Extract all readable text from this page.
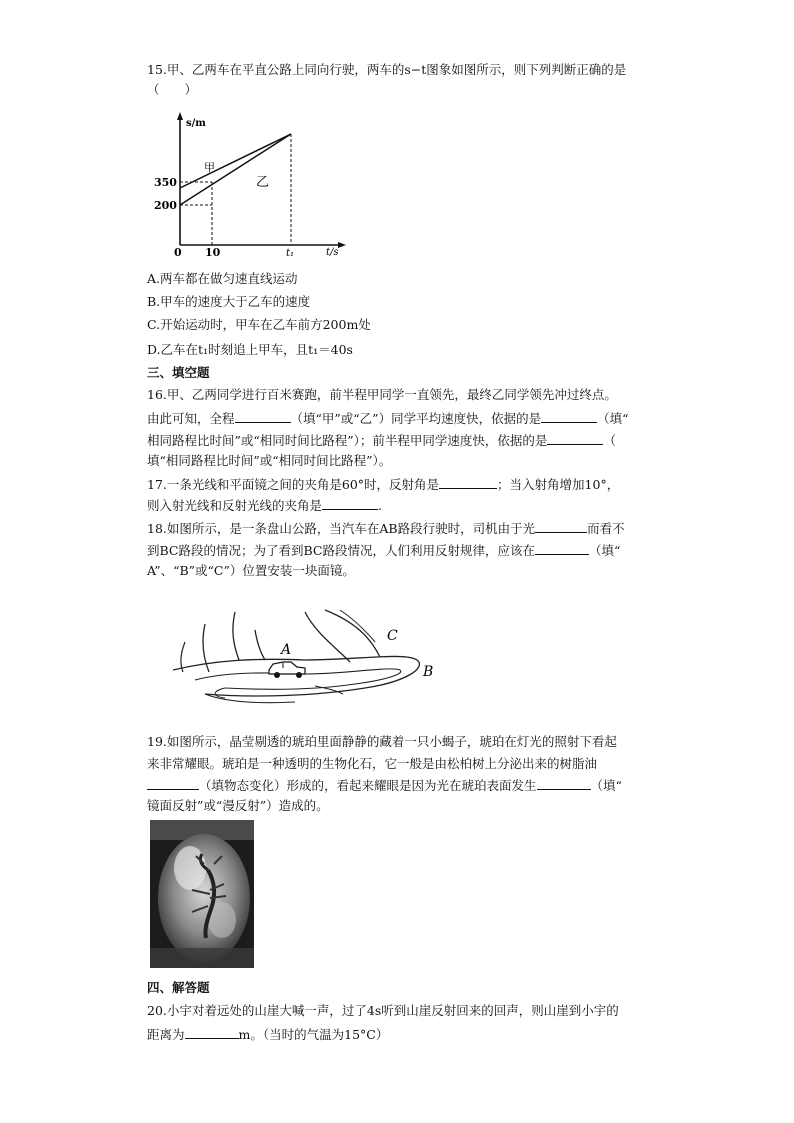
15.甲、乙两车在平直公路上同向行驶，两车的s−t图象如图所示，则下列判断正确的是
（　　）
s/m
t/s
0
350
200
10	t₁
甲
乙
A.两车都在做匀速直线运动
B.甲车的速度大于乙车的速度
C.开始运动时，甲车在乙车前方200m处
D.乙车在t₁时刻追上甲车，且t₁＝40s
三、填空题
16.甲、乙两同学进行百米赛跑，前半程甲同学一直领先，最终乙同学领先冲过终点。
由此可知，全程	（填“甲”或“乙”）同学平均速度快，依据的是	（填“
相同路程比时间”或“相同时间比路程”）；前半程甲同学速度快，依据的是	（
填“相同路程比时间”或“相同时间比路程”）。
17.一条光线和平面镜之间的夹角是60°时，反射角是	；当入射角增加10°，
则入射光线和反射光线的夹角是	.
18.如图所示，是一条盘山公路，当汽车在AB路段行驶时，司机由于光	而看不
到BC路段的情况；为了看到BC路段情况，人们利用反射规律，应该在	（填“
A”、“B”或“C”）位置安装一块面镜。
A
C
B
19.如图所示，晶莹剔透的琥珀里面静静的藏着一只小蝎子，琥珀在灯光的照射下看起
来非常耀眼。琥珀是一种透明的生物化石，它一般是由松柏树上分泌出来的树脂油
（填物态变化）形成的，看起来耀眼是因为光在琥珀表面发生	（填“
镜面反射”或“漫反射”）造成的。
四、解答题
20.小宇对着远处的山崖大喊一声，过了4s听到山崖反射回来的回声，则山崖到小宇的
距离为	m。（当时的气温为15°C）
